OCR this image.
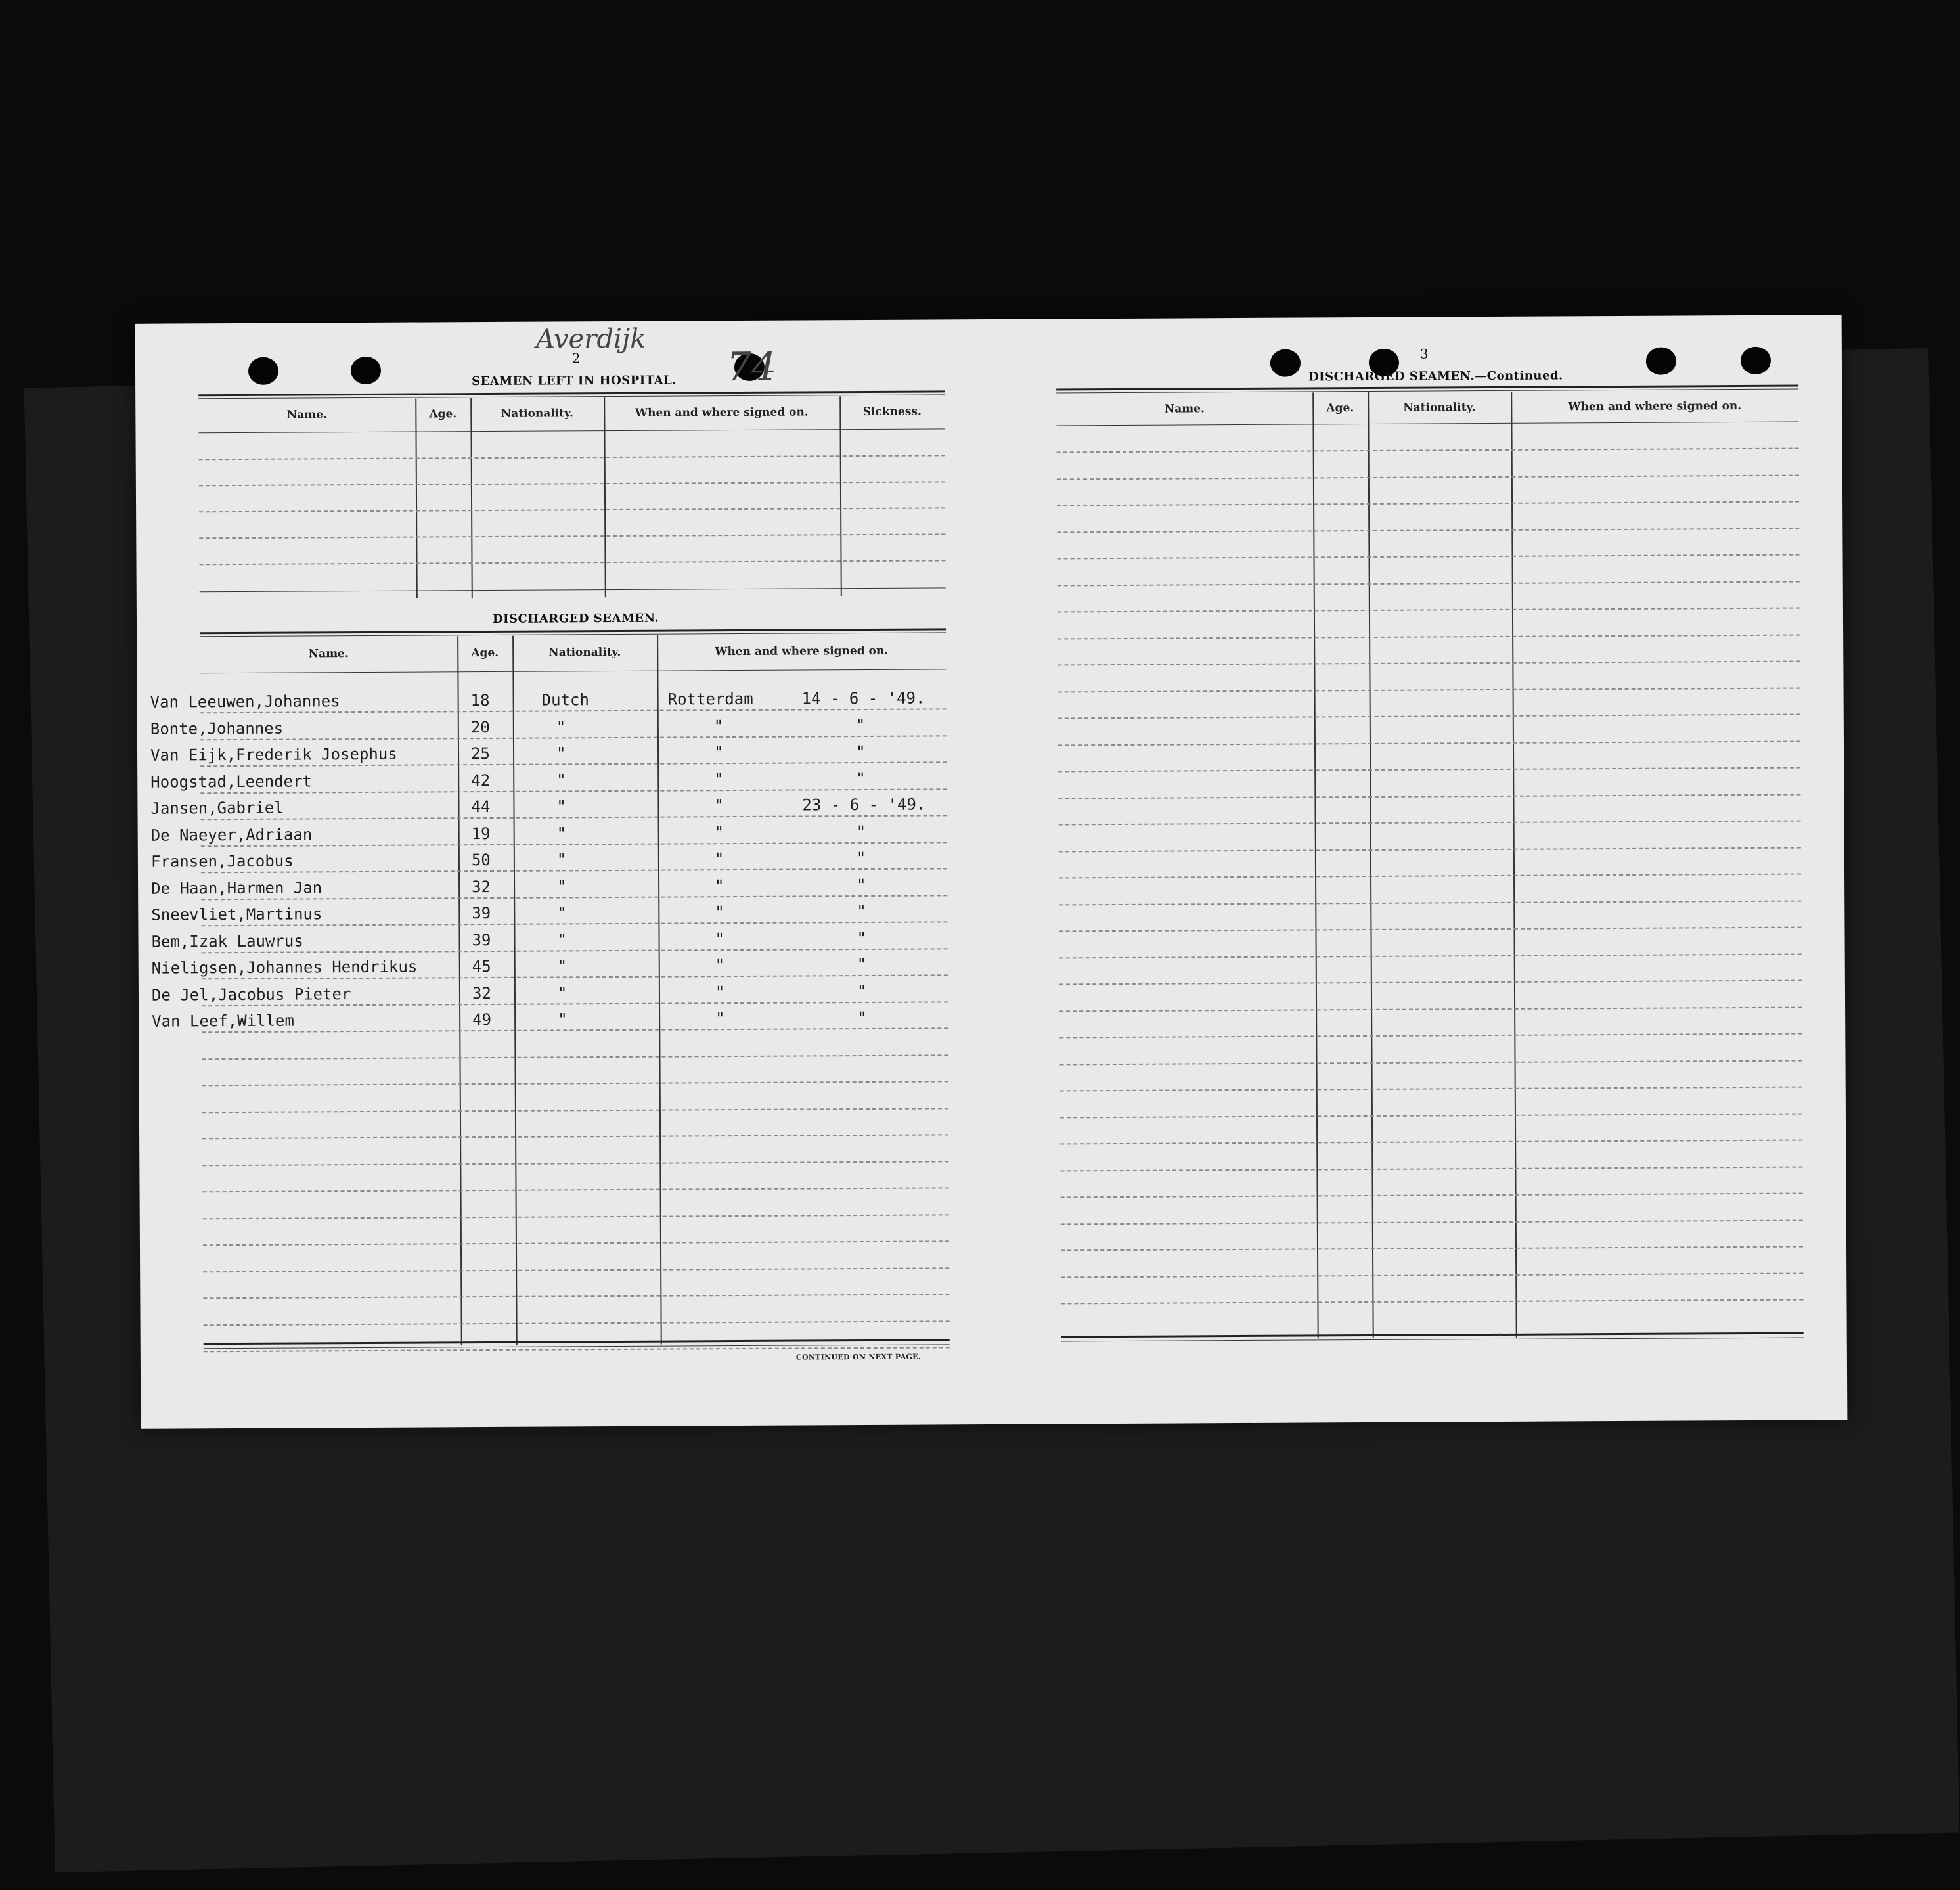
Averdijk
74
2
SEAMEN LEFT IN HOSPITAL.
Name.	Age.	Nationality.	When and where signed on.	Sickness.
DISCHARGED SEAMEN.
Name.	Age.	Nationality.	When and where signed on.
Van Leeuwen,Johannes	18	Dutch	Rotterdam	14 - 6 - '49.
Bonte,Johannes	20	"	"	"
Van Eijk,Frederik Josephus	25	"	"	"
Hoogstad,Leendert	42	"	"	"
Jansen,Gabriel	44	"	"	23 - 6 - '49.
De Naeyer,Adriaan	19	"	"	"
Fransen,Jacobus	50	"	"	"
De Haan,Harmen Jan	32	"	"	"
Sneevliet,Martinus	39	"	"	"
Bem,Izak Lauwrus	39	"	"	"
Nieligsen,Johannes Hendrikus	45	"	"	"
De Jel,Jacobus Pieter	32	"	"	"
Van Leef,Willem	49	"	"	"
CONTINUED ON NEXT PAGE.
3
DISCHARGED SEAMEN.—Continued.
Name.	Age.	Nationality.	When and where signed on.
